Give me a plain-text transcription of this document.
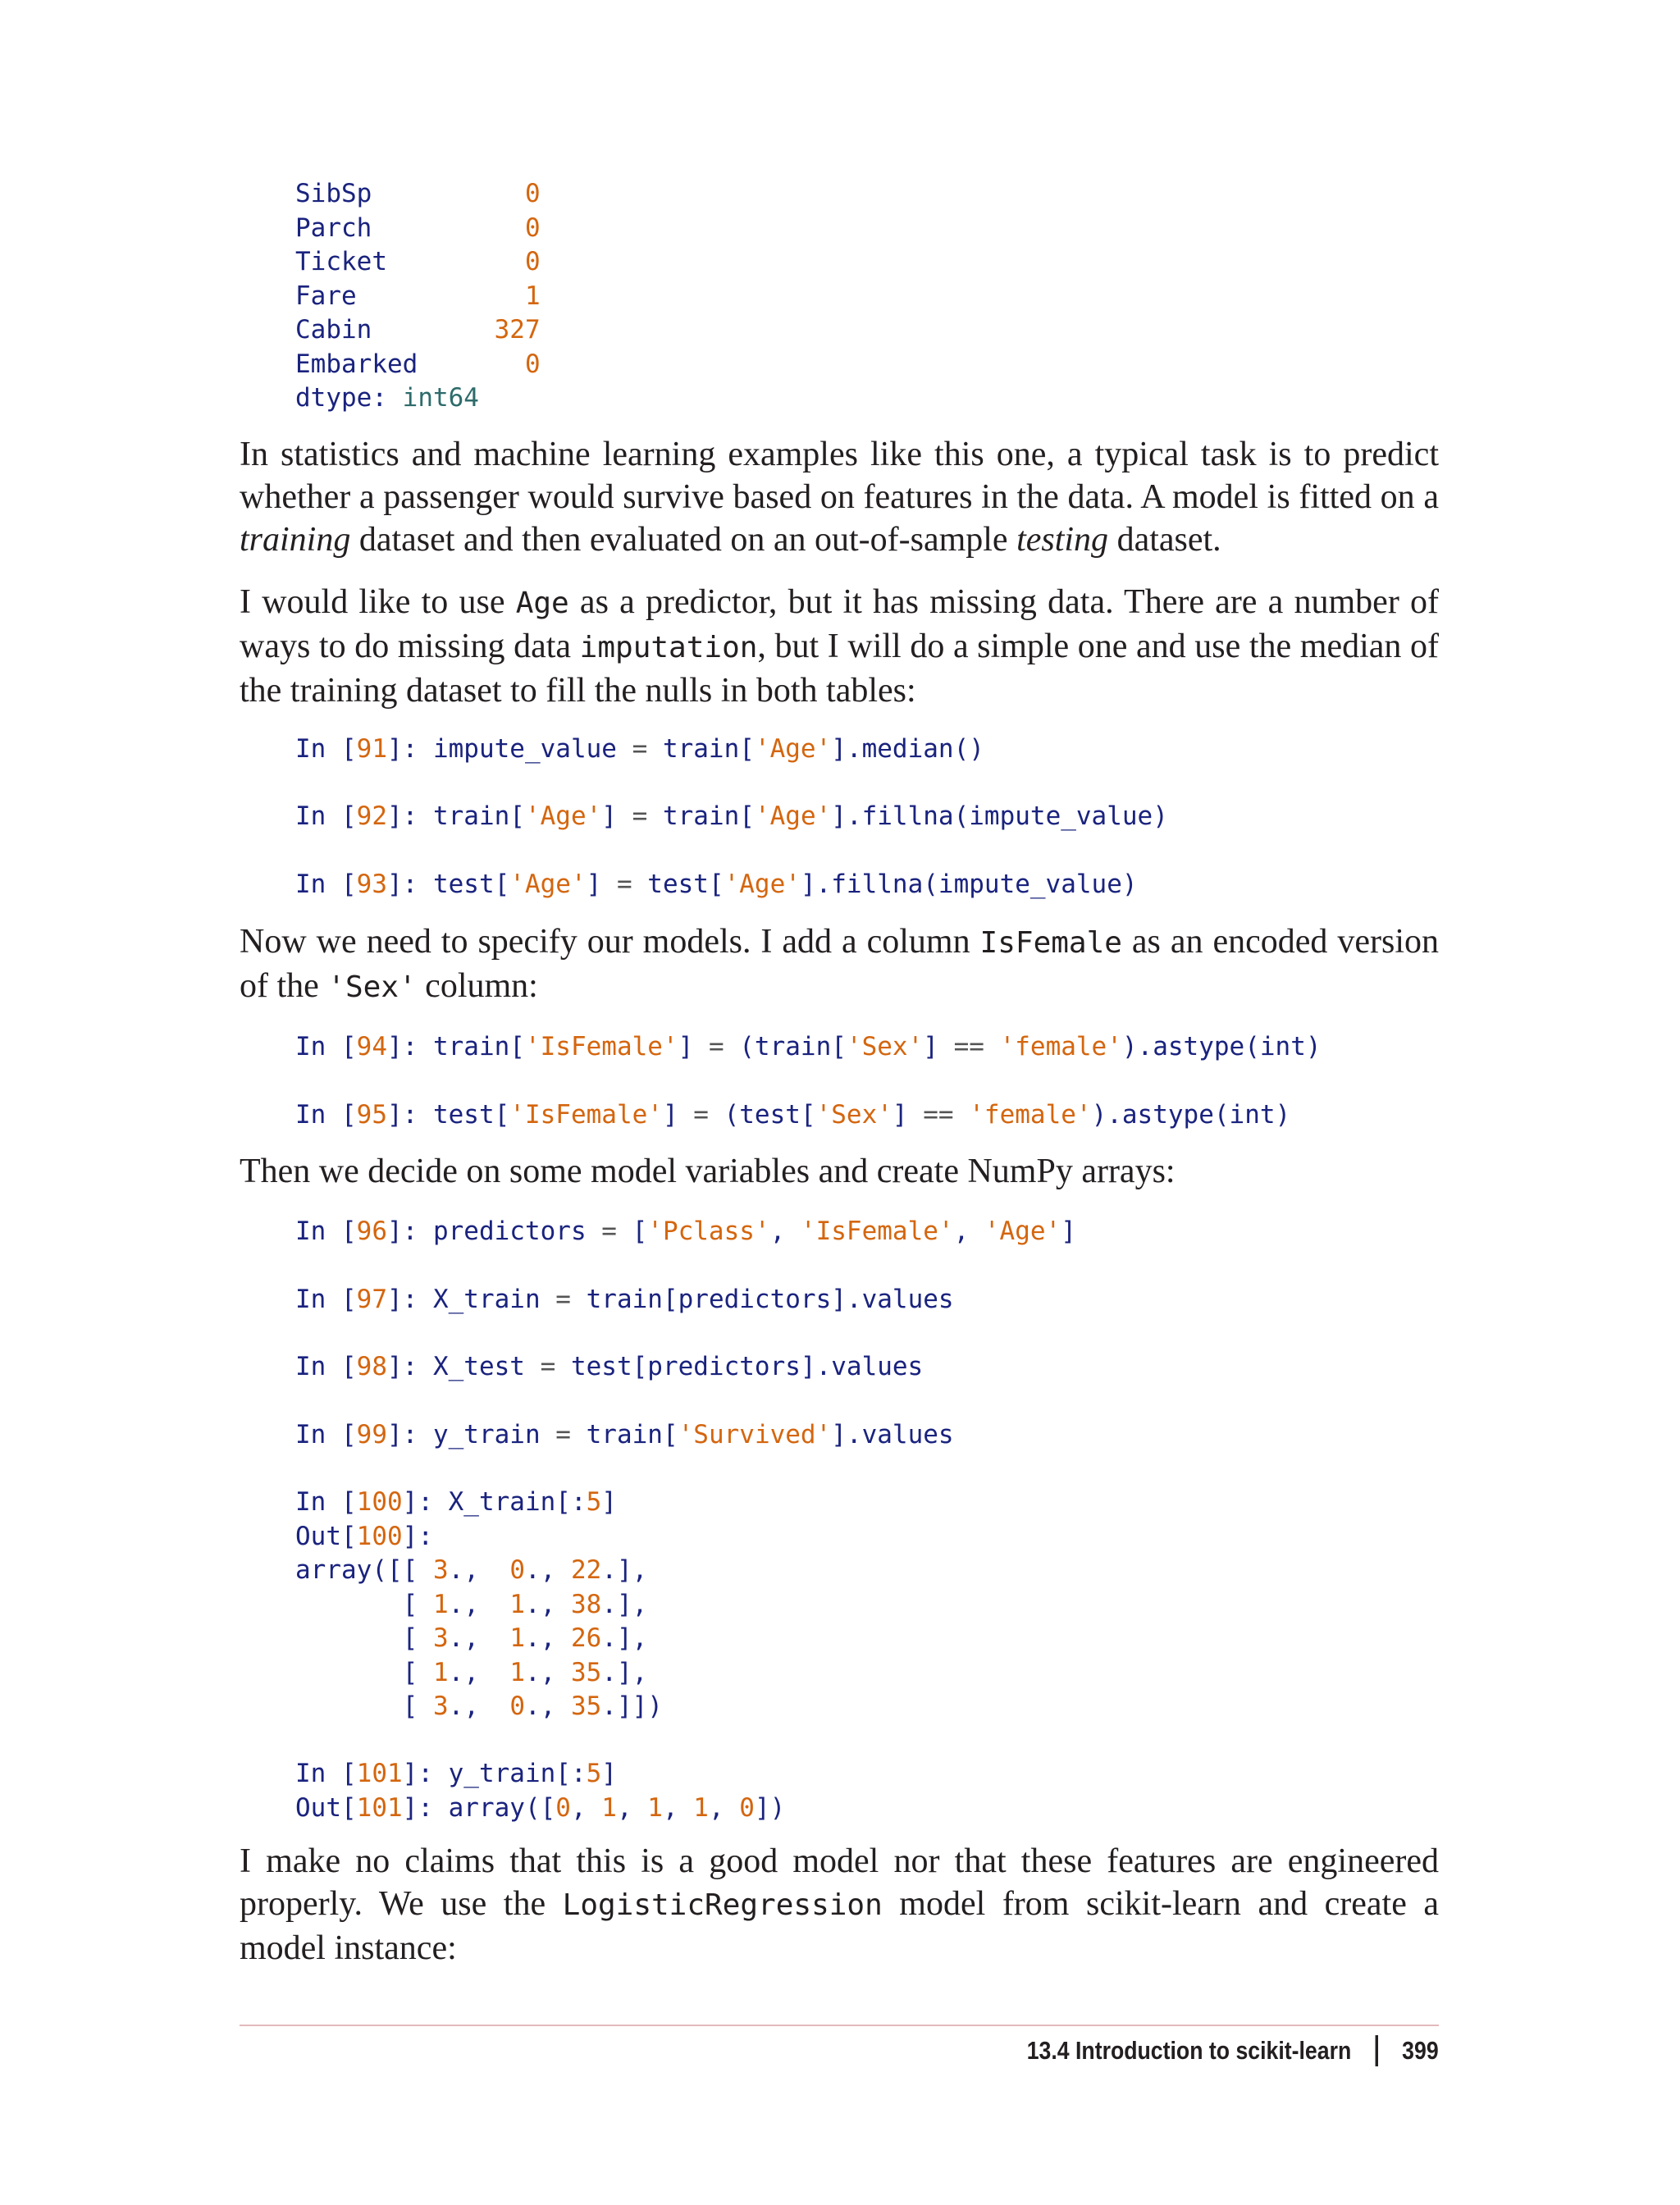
SibSp	0
Parch	0
Ticket	0
Fare	1
Cabin	327
Embarked	0
dtype: int64

In statistics and machine learning examples like this one, a typical task is to predict whether a passenger would survive based on features in the data. A model is fitted on a training dataset and then evaluated on an out-of-sample testing dataset.

I would like to use Age as a predictor, but it has missing data. There are a number of ways to do missing data imputation, but I will do a simple one and use the median of the training dataset to fill the nulls in both tables:

In [91]: impute_value = train['Age'].median()
In [92]: train['Age'] = train['Age'].fillna(impute_value)
In [93]: test['Age'] = test['Age'].fillna(impute_value)

Now we need to specify our models. I add a column IsFemale as an encoded version of the 'Sex' column:

In [94]: train['IsFemale'] = (train['Sex'] == 'female').astype(int)
In [95]: test['IsFemale'] = (test['Sex'] == 'female').astype(int)

Then we decide on some model variables and create NumPy arrays:

In [96]: predictors = ['Pclass', 'IsFemale', 'Age']
In [97]: X_train = train[predictors].values
In [98]: X_test = test[predictors].values
In [99]: y_train = train['Survived'].values
In [100]: X_train[:5]
Out[100]:
array([[ 3.,  0., 22.],
[ 1.,  1., 38.],
[ 3.,  1., 26.],
[ 1.,  1., 35.],
[ 3.,  0., 35.]])
In [101]: y_train[:5]
Out[101]: array([0, 1, 1, 1, 0])

I make no claims that this is a good model nor that these features are engineered properly. We use the LogisticRegression model from scikit-learn and create a model instance:

13.4 Introduction to scikit-learn 399
